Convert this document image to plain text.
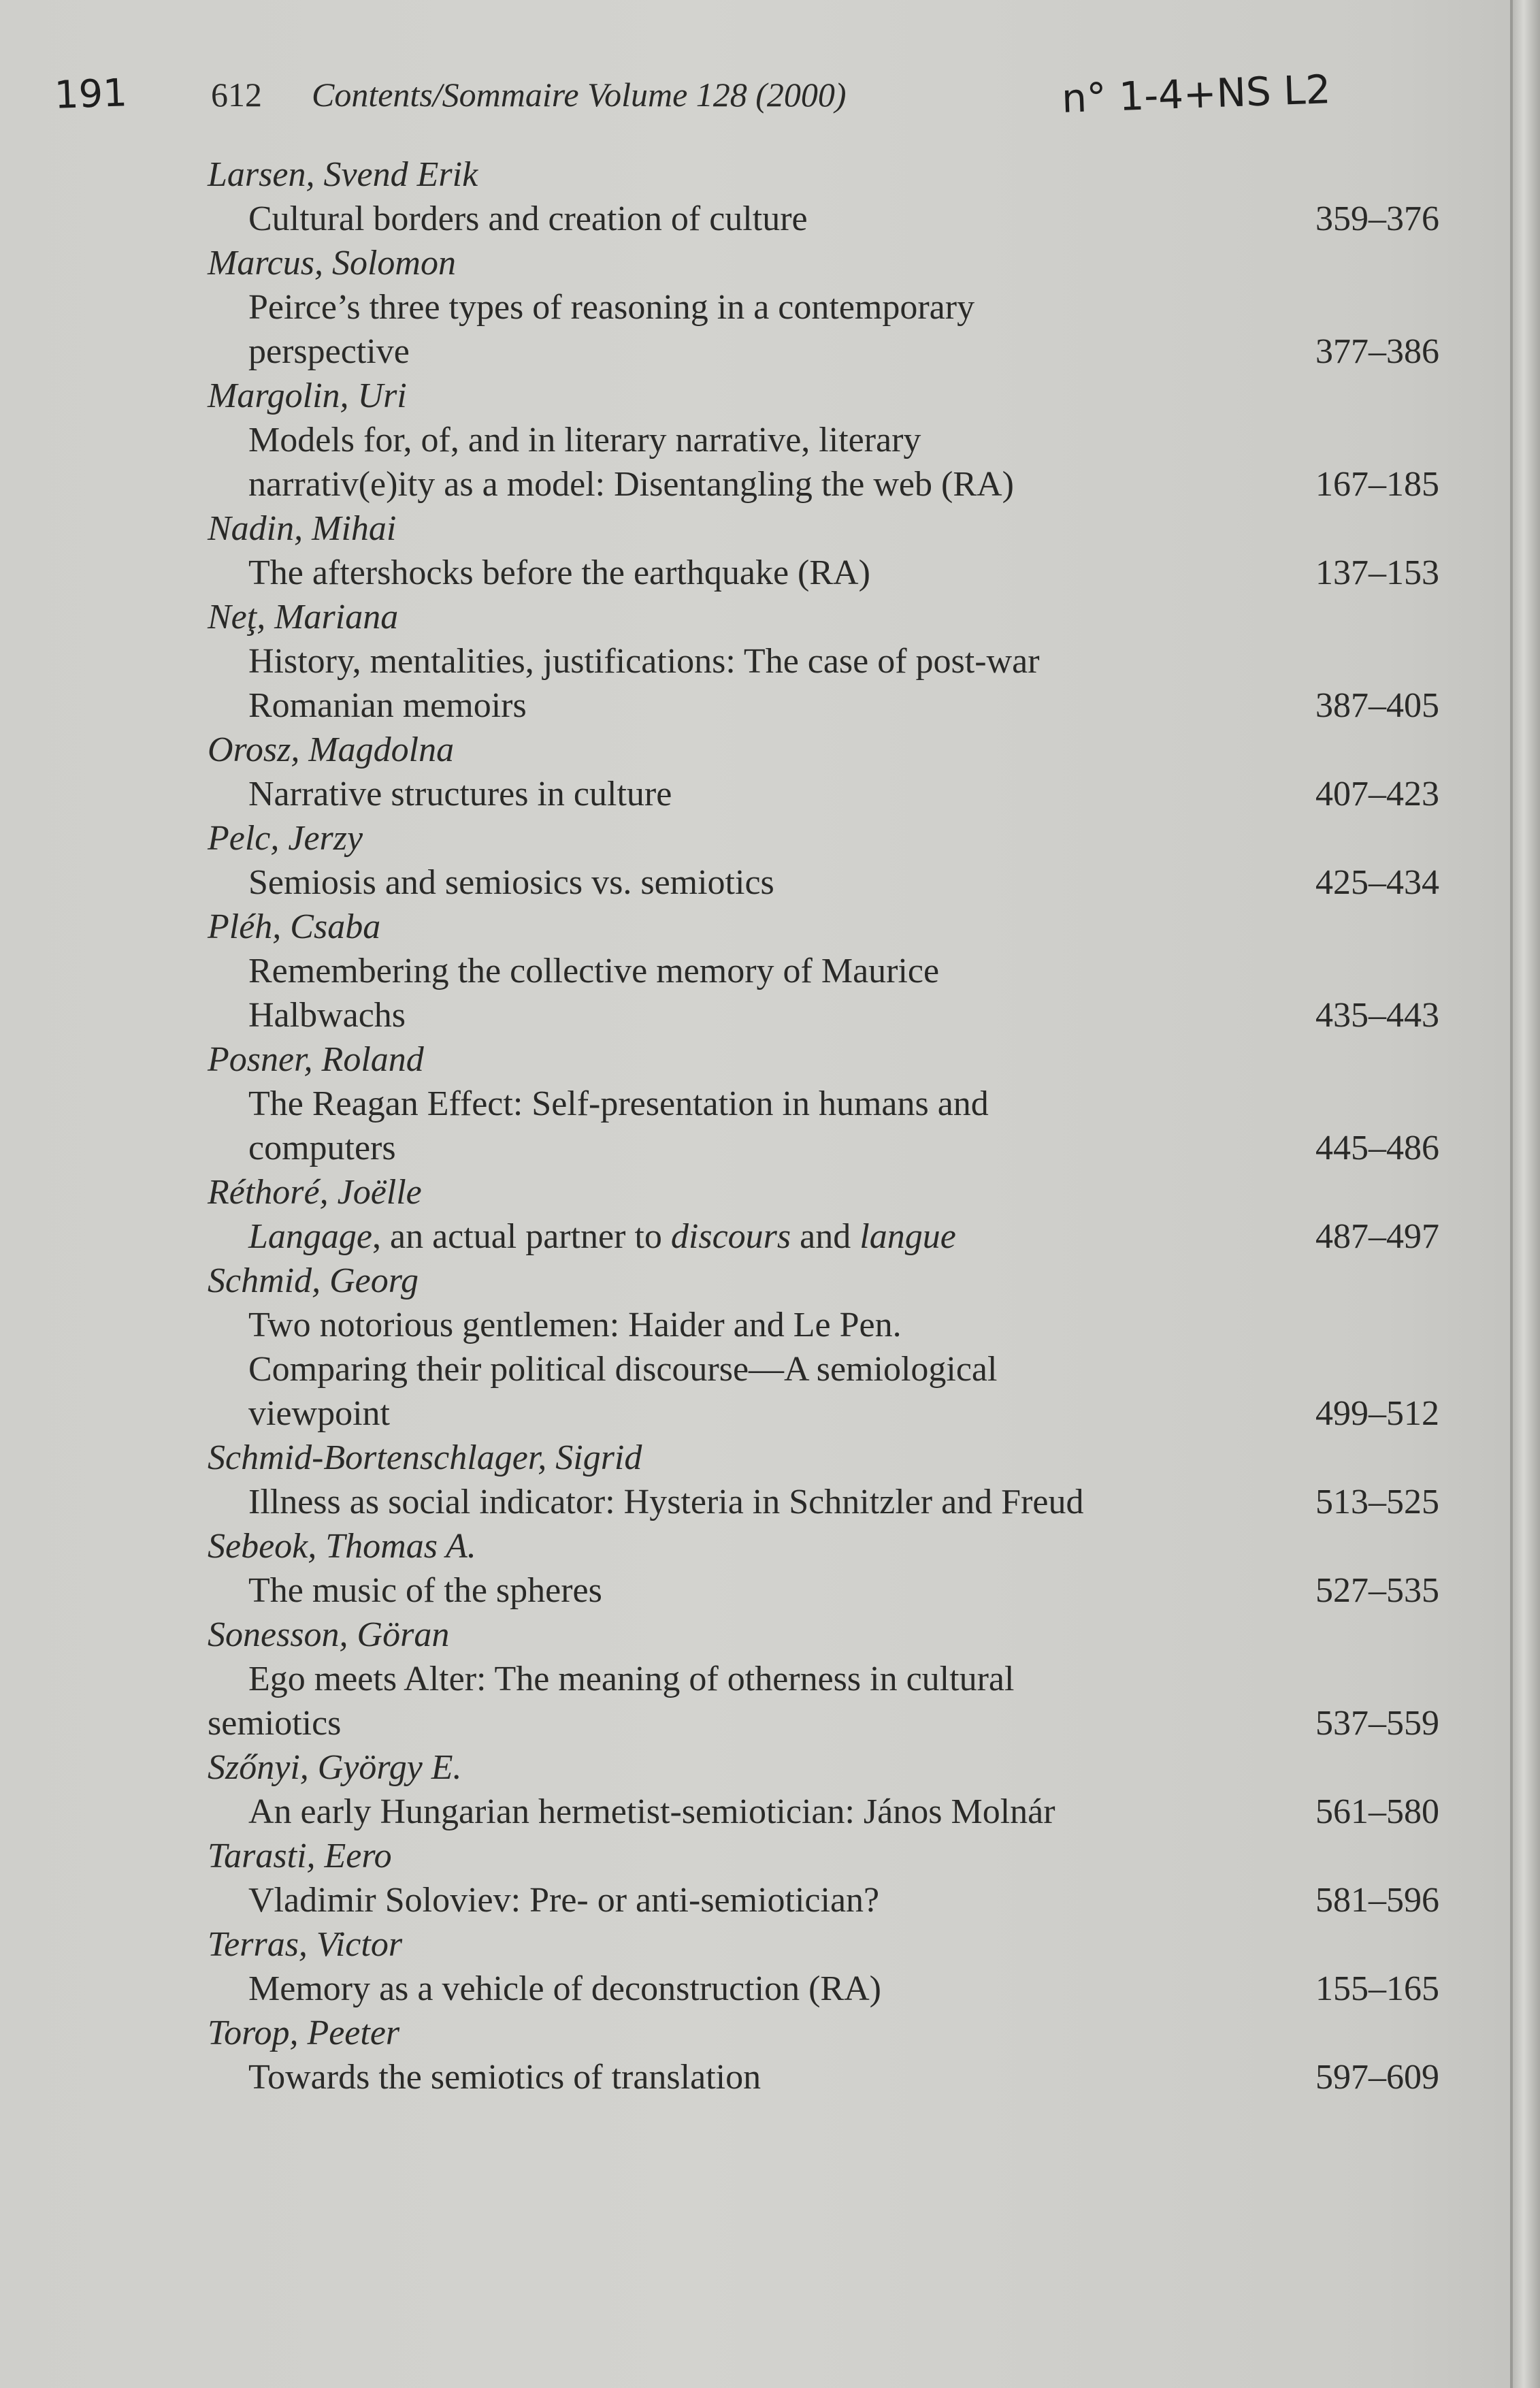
191 612 Contents/Sommaire Volume 128 (2000)	n° 1-4+NS L2
Larsen, Svend Erik
Cultural borders and creation of culture	359–376
Marcus, Solomon
Peirce’s three types of reasoning in a contemporary
perspective	377–386
Margolin, Uri
Models for, of, and in literary narrative, literary
narrativ(e)ity as a model: Disentangling the web (RA)	167–185
Nadin, Mihai
The aftershocks before the earthquake (RA)	137–153
Neţ, Mariana
History, mentalities, justifications: The case of post-war
Romanian memoirs	387–405
Orosz, Magdolna
Narrative structures in culture	407–423
Pelc, Jerzy
Semiosis and semiosics vs. semiotics	425–434
Pléh, Csaba
Remembering the collective memory of Maurice
Halbwachs	435–443
Posner, Roland
The Reagan Effect: Self-presentation in humans and
computers	445–486
Réthoré, Joëlle
Langage, an actual partner to discours and langue	487–497
Schmid, Georg
Two notorious gentlemen: Haider and Le Pen.
Comparing their political discourse—A semiological
viewpoint	499–512
Schmid-Bortenschlager, Sigrid
Illness as social indicator: Hysteria in Schnitzler and Freud	513–525
Sebeok, Thomas A.
The music of the spheres	527–535
Sonesson, Göran
Ego meets Alter: The meaning of otherness in cultural
semiotics	537–559
Szőnyi, György E.
An early Hungarian hermetist-semiotician: János Molnár	561–580
Tarasti, Eero
Vladimir Soloviev: Pre- or anti-semiotician?	581–596
Terras, Victor
Memory as a vehicle of deconstruction (RA)	155–165
Torop, Peeter
Towards the semiotics of translation	597–609
